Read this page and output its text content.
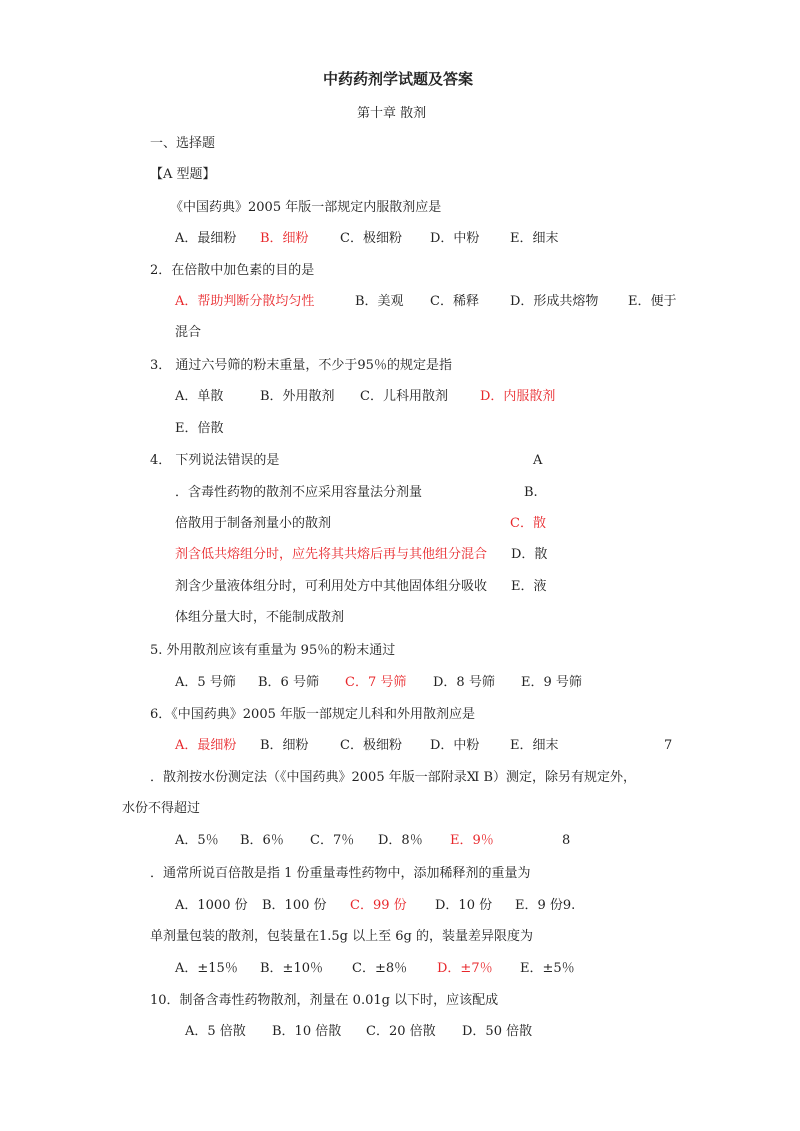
中药药剂学试题及答案
第十章 散剂
一、选择题
【A 型题】
《中国药典》2005 年版一部规定内服散剂应是
A．最细粉 B．细粉 C．极细粉 D．中粉 E．细末
2．在倍散中加色素的目的是
A．帮助判断分散均匀性	B．美观 C．稀释 D．形成共熔物 E．便于
混合
3． 通过六号筛的粉末重量，不少于95％的规定是指
A．单散	B．外用散剂 C．儿科用散剂 D．内服散剂
E．倍散
4． 下列说法错误的是	A
．含毒性药物的散剂不应采用容量法分剂量	B.
倍散用于制备剂量小的散剂	C．散
剂含低共熔组分时，应先将其共熔后再与其他组分混合 D．散
剂含少量液体组分时，可利用处方中其他固体组分吸收 E．液
体组分量大时，不能制成散剂
5. 外用散剂应该有重量为 95％的粉末通过
A．5 号筛 B．6 号筛 C．7 号筛 D．8 号筛 E．9 号筛
6．《中国药典》2005 年版一部规定儿科和外用散剂应是
A．最细粉 B．细粉 C．极细粉 D．中粉 E．细末	7
．散剂按水份测定法（《中国药典》2005 年版一部附录Ⅺ B）测定，除另有规定外，
水份不得超过
A．5％ B．6％ C．7％ D．8％ E．9％	8
．通常所说百倍散是指 1 份重量毒性药物中，添加稀释剂的重量为
A．1000 份 B．100 份 C．99 份 D．10 份 E．9 份9.
单剂量包装的散剂，包装量在1.5g 以上至 6g 的，装量差异限度为
A．±15％ B．±10％ C．±8％ D．±7％ E．±5％
10．制备含毒性药物散剂，剂量在 0.01g 以下时，应该配成
A．5 倍散 B．10 倍散 C．20 倍散 D．50 倍散
